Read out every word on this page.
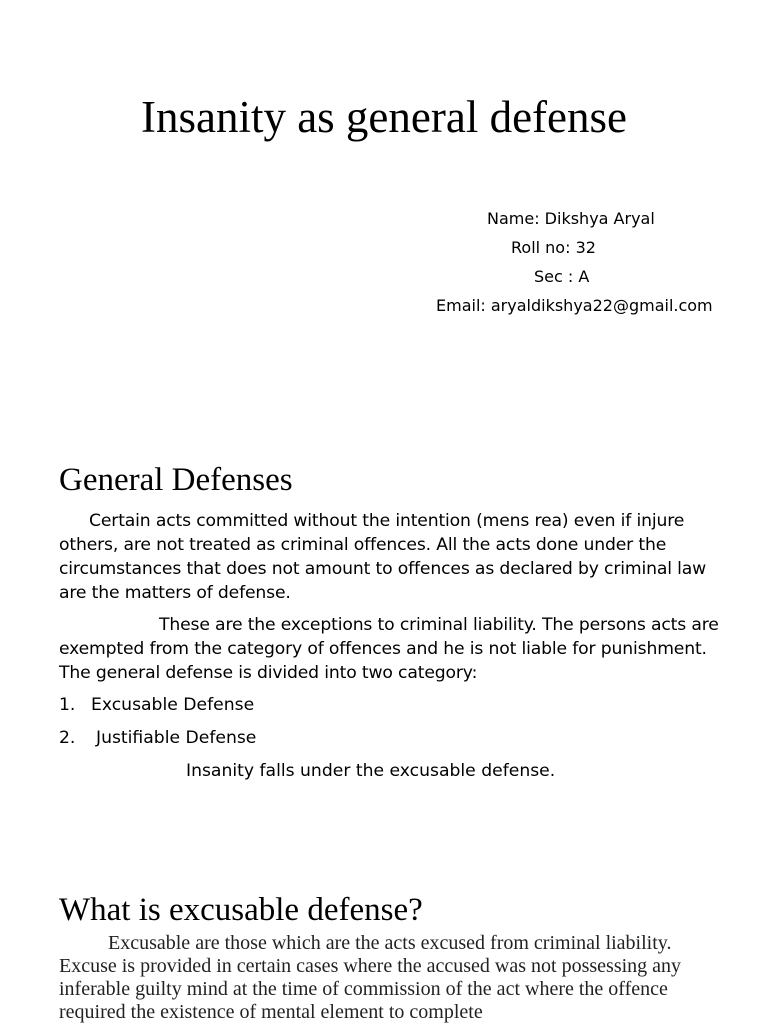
Insanity as general defense
Name: Dikshya Aryal
Roll no: 32
Sec : A
Email: aryaldikshya22@gmail.com
General Defenses

Certain acts committed without the intention (mens rea) even if injure others, are not treated as criminal offences. All the acts done under the circumstances that does not amount to offences as declared by criminal law are the matters of defense.

These are the exceptions to criminal liability. The persons acts are exempted from the category of offences and he is not liable for punishment. The general defense is divided into two category:

1. Excusable Defense
2. Justifiable Defense
Insanity falls under the excusable defense.
What is excusable defense?

Excusable are those which are the acts excused from criminal liability. Excuse is provided in certain cases where the accused was not possessing any inferable guilty mind at the time of commission of the act where the offence required the existence of mental element to complete
